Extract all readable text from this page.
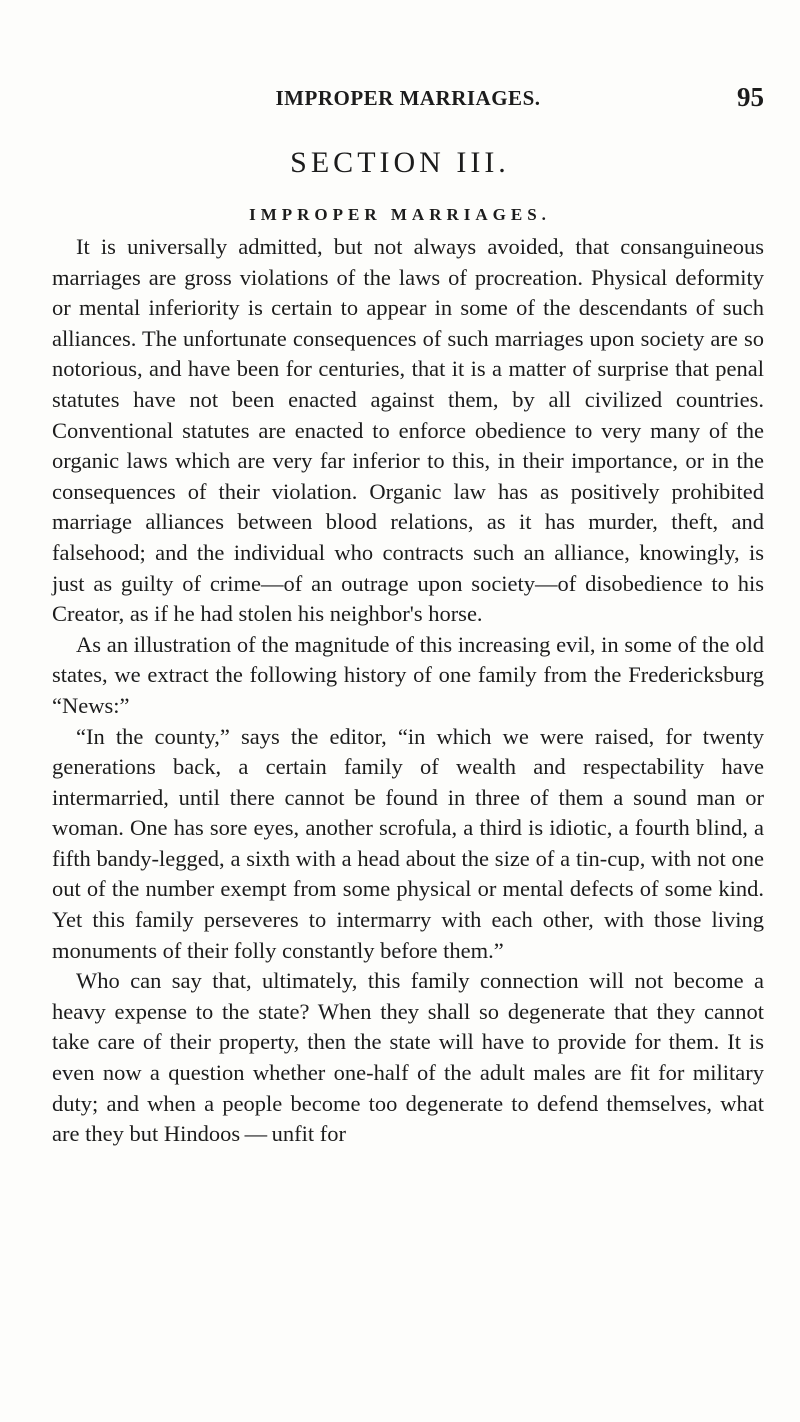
IMPROPER MARRIAGES.	95
SECTION III.
IMPROPER MARRIAGES.

It is universally admitted, but not always avoided, that consanguineous marriages are gross violations of the laws of procreation. Physical deformity or mental inferiority is certain to appear in some of the descendants of such alliances. The unfortunate consequences of such marriages upon society are so notorious, and have been for centuries, that it is a matter of surprise that penal statutes have not been enacted against them, by all civilized countries. Conventional statutes are enacted to enforce obedience to very many of the organic laws which are very far inferior to this, in their importance, or in the consequences of their violation. Organic law has as positively prohibited marriage alliances between blood relations, as it has murder, theft, and falsehood; and the individual who contracts such an alliance, knowingly, is just as guilty of crime—of an outrage upon society—of disobedience to his Creator, as if he had stolen his neighbor's horse.

As an illustration of the magnitude of this increasing evil, in some of the old states, we extract the following history of one family from the Fredericksburg “News:”

“In the county,” says the editor, “in which we were raised, for twenty generations back, a certain family of wealth and respectability have intermarried, until there cannot be found in three of them a sound man or woman. One has sore eyes, another scrofula, a third is idiotic, a fourth blind, a fifth bandy-legged, a sixth with a head about the size of a tin-cup, with not one out of the number exempt from some physical or mental defects of some kind. Yet this family perseveres to intermarry with each other, with those living monuments of their folly constantly before them.”

Who can say that, ultimately, this family connection will not become a heavy expense to the state? When they shall so degenerate that they cannot take care of their property, then the state will have to provide for them. It is even now a question whether one-half of the adult males are fit for military duty; and when a people become too degenerate to defend themselves, what are they but Hindoos — unfit for
